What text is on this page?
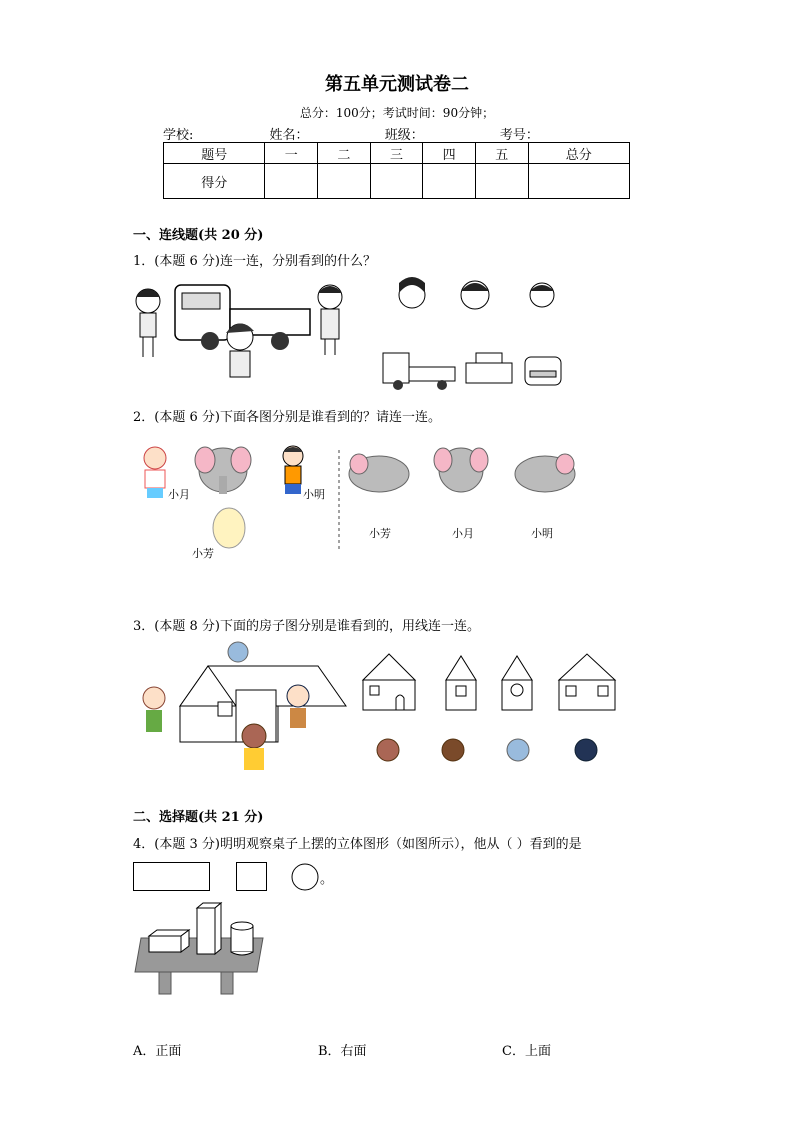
第五单元测试卷二
总分：100分；考试时间：90分钟；
学校:	姓名：	班级：	考号：
题号	一	二	三	四	五	总分
得分						
一、连线题(共 20 分)
1．(本题 6 分)连一连，分别看到的什么？
2．(本题 6 分)下面各图分别是谁看到的？请连一连。
小月	小明
小芳
小芳	小月	小明
3．(本题 8 分)下面的房子图分别是谁看到的，用线连一连。
二、选择题(共 21 分)
4．(本题 3 分)明明观察桌子上摆的立体图形（如图所示），他从（ ）看到的是
。
A．正面	B．右面	C．上面
